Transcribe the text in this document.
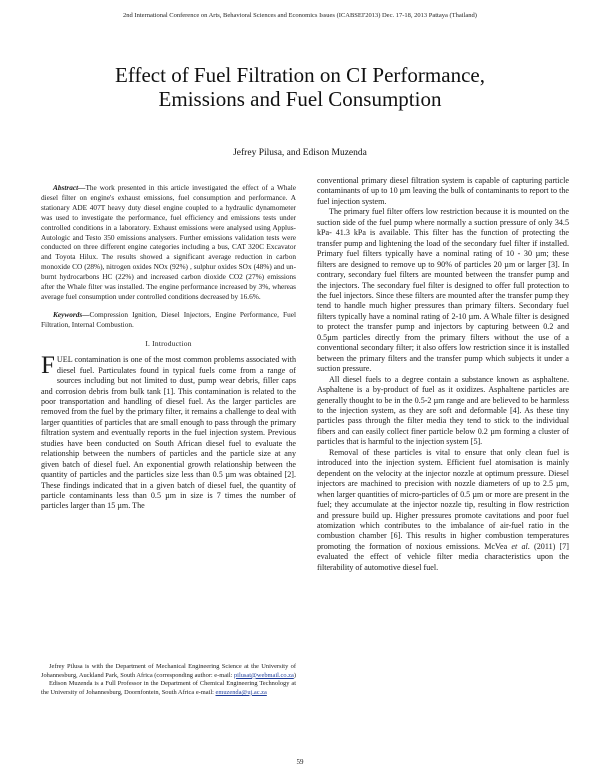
2nd International Conference on Arts, Behavioral Sciences and Economics Issues (ICABSEI'2013) Dec. 17-18, 2013 Pattaya (Thailand)
Effect of Fuel Filtration on CI Performance,
Emissions and Fuel Consumption
Jefrey Pilusa, and Edison Muzenda

Abstract—The work presented in this article investigated the effect of a Whale diesel filter on engine's exhaust emissions, fuel consumption and performance. A stationary ADE 407T heavy duty diesel engine coupled to a hydraulic dynamometer was used to investigate the performance, fuel efficiency and emissions tests under controlled conditions in a laboratory. Exhaust emissions were analysed using Applus-Autologic and Testo 350 emissions analysers. Further emissions validation tests were conducted on three different engine categories including a bus, CAT 320C Excavator and Toyota Hilux. The results showed a significant average reduction in carbon monoxide CO (28%), nitrogen oxides NOx (92%) , sulphur oxides SOx (48%) and un-burnt hydrocarbons HC (22%) and increased carbon dioxide CO2 (27%) emissions after the Whale filter was installed. The engine performance increased by 3%, whereas average fuel consumption under controlled conditions decreased by 16.6%.

Keywords—Compression Ignition, Diesel Injectors, Engine Performance, Fuel Filtration, Internal Combustion.

I. Introduction

FUEL contamination is one of the most common problems associated with diesel fuel. Particulates found in typical fuels come from a range of sources including but not limited to dust, pump wear debris, filler caps and corrosion debris from bulk tank [1]. This contamination is related to the poor transportation and handling of diesel fuel. As the larger particles are removed from the fuel by the primary filter, it remains a challenge to deal with larger quantities of particles that are small enough to pass through the primary filtration system and eventually reports in the fuel injection system. Previous studies have been conducted on South African diesel fuel to evaluate the relationship between the numbers of particles and the particle size at any given batch of diesel fuel. An exponential growth relationship between the quantity of particles and the particles size less than 0.5 µm was obtained [2]. These findings indicated that in a given batch of diesel fuel, the quantity of particle contaminants less than 0.5 µm in size is 7 times the number of particles larger than 15 µm. The

Jefrey Pilusa is with the Department of Mechanical Engineering Science at the University of Johannesburg, Auckland Park, South Africa (corresponding author: e-mail: pilusat@webmail.co.za)

Edison Muzenda is a Full Professor in the Department of Chemical Engineering Technology at the University of Johannesburg, Doornfontein, South Africa e-mail: emuzenda@uj.ac.za

conventional primary diesel filtration system is capable of capturing particle contaminants of up to 10 µm leaving the bulk of contaminants to report to the fuel injection system.

The primary fuel filter offers low restriction because it is mounted on the suction side of the fuel pump where normally a suction pressure of only 34.5 kPa- 41.3 kPa is available. This filter has the function of protecting the transfer pump and lightening the load of the secondary fuel filter if installed. Primary fuel filters typically have a nominal rating of 10 - 30 µm; these filters are designed to remove up to 90% of particles 20 µm or larger [3]. In contrary, secondary fuel filters are mounted between the transfer pump and the injectors. The secondary fuel filter is designed to offer full protection to the fuel injectors. Since these filters are mounted after the transfer pump they tend to handle much higher pressures than primary filters. Secondary fuel filters typically have a nominal rating of 2-10 µm. A Whale filter is designed to protect the transfer pump and injectors by capturing between 0.2 and 0.5µm particles directly from the primary filters without the use of a conventional secondary filter; it also offers low restriction since it is installed between the primary filters and the transfer pump which subjects it under a suction pressure.

All diesel fuels to a degree contain a substance known as asphaltene. Asphaltene is a by-product of fuel as it oxidizes. Asphaltene particles are generally thought to be in the 0.5-2 µm range and are believed to be harmless to the injection system, as they are soft and deformable [4]. As these tiny particles pass through the filter media they tend to stick to the individual fibers and can easily collect finer particle below 0.2 µm forming a cluster of particles that is harmful to the injection system [5].

Removal of these particles is vital to ensure that only clean fuel is introduced into the injection system. Efficient fuel atomisation is mainly dependent on the velocity at the injector nozzle at optimum pressure. Diesel injectors are machined to precision with nozzle diameters of up to 2.5 µm, when larger quantities of micro-particles of 0.5 µm or more are present in the fuel; they accumulate at the injector nozzle tip, resulting in flow restriction and pressure build up. Higher pressures promote cavitations and poor fuel atomization which contributes to the imbalance of air-fuel ratio in the combustion chamber [6]. This results in higher combustion temperatures promoting the formation of noxious emissions. McVea et al. (2011) [7] evaluated the effect of vehicle filter media characteristics upon the filterability of automotive diesel fuel.

59
